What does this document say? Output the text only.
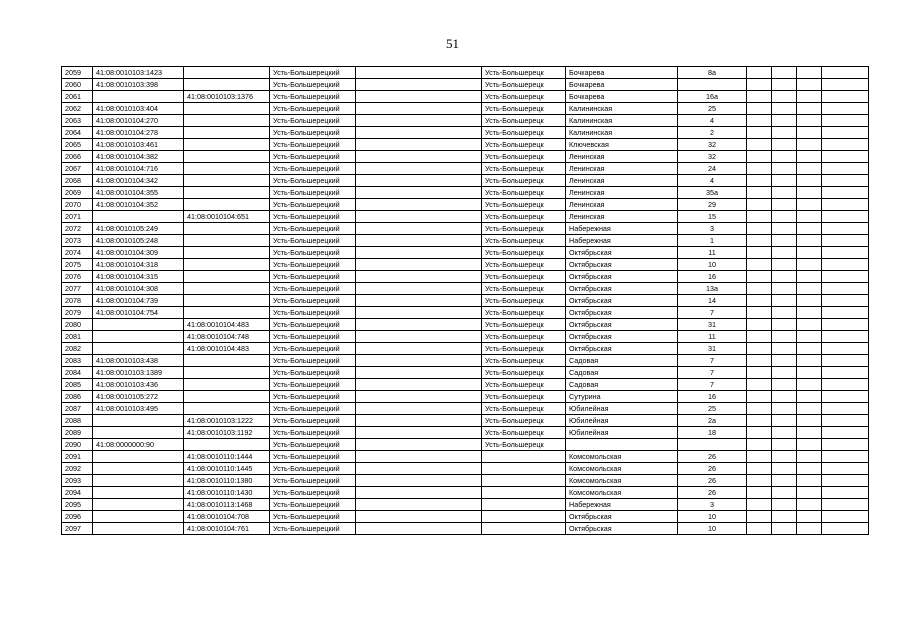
51
2059	41:08:0010103:1423		Усть-Большерецкий		Усть-Большерецк	Бочкарева	8а				
2060	41:08:0010103:398		Усть-Большерецкий		Усть-Большерецк	Бочкарева					
2061		41:08:0010103:1376	Усть-Большерецкий		Усть-Большерецк	Бочкарева	16а				
2062	41:08:0010103:404		Усть-Большерецкий		Усть-Большерецк	Калининская	25				
2063	41:08:0010104:270		Усть-Большерецкий		Усть-Большерецк	Калининская	4				
2064	41:08:0010104:278		Усть-Большерецкий		Усть-Большерецк	Калининская	2				
2065	41:08:0010103:461		Усть-Большерецкий		Усть-Большерецк	Ключевская	32				
2066	41:08:0010104:382		Усть-Большерецкий		Усть-Большерецк	Ленинская	32				
2067	41:08:0010104:716		Усть-Большерецкий		Усть-Большерецк	Ленинская	24				
2068	41:08:0010104:342		Усть-Большерецкий		Усть-Большерецк	Ленинская	4				
2069	41:08:0010104:355		Усть-Большерецкий		Усть-Большерецк	Ленинская	35а				
2070	41:08:0010104:352		Усть-Большерецкий		Усть-Большерецк	Ленинская	29				
2071		41:08:0010104:651	Усть-Большерецкий		Усть-Большерецк	Ленинская	15				
2072	41:08:0010105:249		Усть-Большерецкий		Усть-Большерецк	Набережная	3				
2073	41:08:0010105:248		Усть-Большерецкий		Усть-Большерецк	Набережная	1				
2074	41:08:0010104:309		Усть-Большерецкий		Усть-Большерецк	Октябрьская	11				
2075	41:08:0010104:318		Усть-Большерецкий		Усть-Большерецк	Октябрьская	10				
2076	41:08:0010104:315		Усть-Большерецкий		Усть-Большерецк	Октябрьская	16				
2077	41:08:0010104:308		Усть-Большерецкий		Усть-Большерецк	Октябрьская	13а				
2078	41:08:0010104:739		Усть-Большерецкий		Усть-Большерецк	Октябрьская	14				
2079	41:08:0010104:754		Усть-Большерецкий		Усть-Большерецк	Октябрьская	7				
2080		41:08:0010104:483	Усть-Большерецкий		Усть-Большерецк	Октябрьская	31				
2081		41:08:0010104:748	Усть-Большерецкий		Усть-Большерецк	Октябрьская	11				
2082		41:08:0010104:483	Усть-Большерецкий		Усть-Большерецк	Октябрьская	31				
2083	41:08:0010103:438		Усть-Большерецкий		Усть-Большерецк	Садовая	7				
2084	41:08:0010103:1389		Усть-Большерецкий		Усть-Большерецк	Садовая	7				
2085	41:08:0010103:436		Усть-Большерецкий		Усть-Большерецк	Садовая	7				
2086	41:08:0010105:272		Усть-Большерецкий		Усть-Большерецк	Сутурина	16				
2087	41:08:0010103:495		Усть-Большерецкий		Усть-Большерецк	Юбилейная	25				
2088		41:08:0010103:1222	Усть-Большерецкий		Усть-Большерецк	Юбилейная	2а				
2089		41:08:0010103:1192	Усть-Большерецкий		Усть-Большерецк	Юбилейная	18				
2090	41:08:0000000:90		Усть-Большерецкий		Усть-Большерецк						
2091		41:08:0010110:1444	Усть-Большерецкий			Комсомольская	26				
2092		41:08:0010110:1445	Усть-Большерецкий			Комсомольская	26				
2093		41:08:0010110:1380	Усть-Большерецкий			Комсомольская	26				
2094		41:08:0010110:1430	Усть-Большерецкий			Комсомольская	26				
2095		41:08:0010113:1468	Усть-Большерецкий			Набережная	3				
2096		41:08:0010104:708	Усть-Большерецкий			Октябрьская	10				
2097		41:08:0010104:761	Усть-Большерецкий			Октябрьская	10				
